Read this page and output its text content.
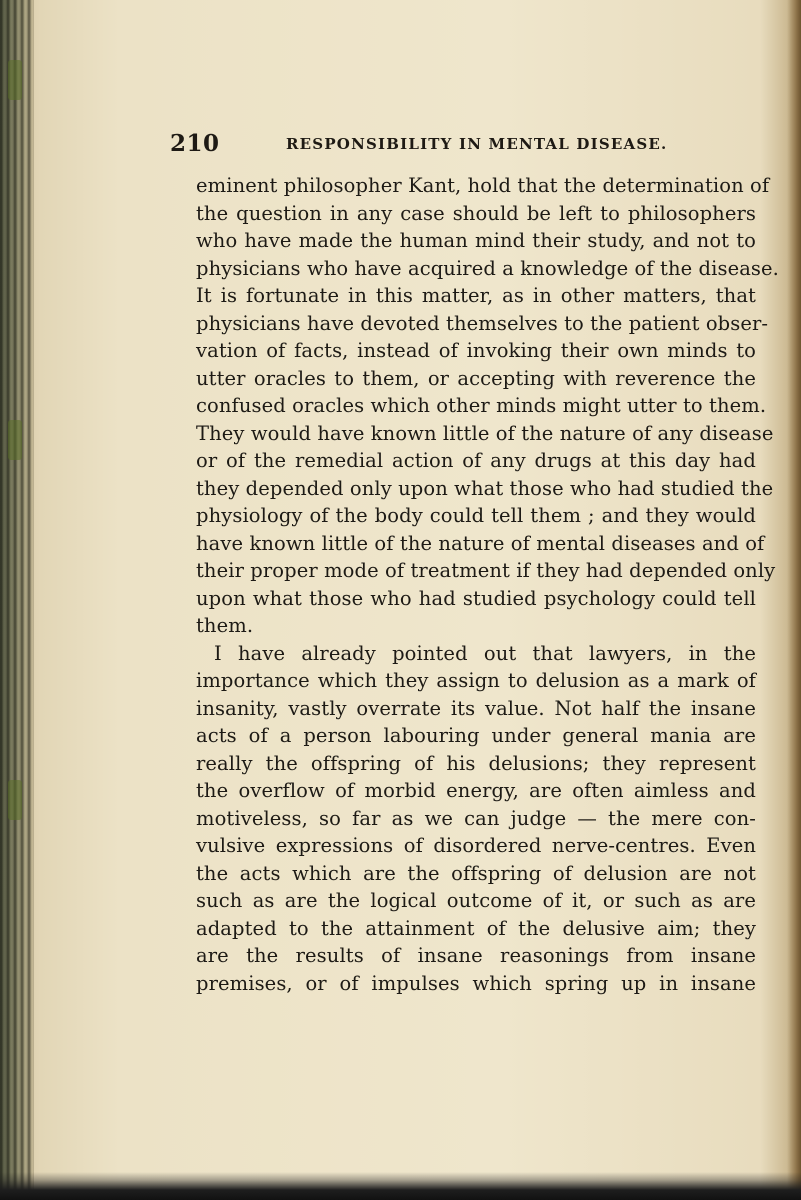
210	RESPONSIBILITY IN MENTAL DISEASE.
eminent philosopher Kant, hold that the determination of
the question in any case should be left to philosophers
who have made the human mind their study, and not to
physicians who have acquired a knowledge of the disease.
It is fortunate in this matter, as in other matters, that
physicians have devoted themselves to the patient obser-
vation of facts, instead of invoking their own minds to
utter oracles to them, or accepting with reverence the
confused oracles which other minds might utter to them.
They would have known little of the nature of any disease
or of the remedial action of any drugs at this day had
they depended only upon what those who had studied the
physiology of the body could tell them ; and they would
have known little of the nature of mental diseases and of
their proper mode of treatment if they had depended only
upon what those who had studied psychology could tell
them.
I have already pointed out that lawyers, in the
importance which they assign to delusion as a mark of
insanity, vastly overrate its value. Not half the insane
acts of a person labouring under general mania are
really the offspring of his delusions; they represent
the overflow of morbid energy, are often aimless and
motiveless, so far as we can judge — the mere con-
vulsive expressions of disordered nerve-centres. Even
the acts which are the offspring of delusion are not
such as are the logical outcome of it, or such as are
adapted to the attainment of the delusive aim; they
are the results of insane reasonings from insane
premises, or of impulses which spring up in insane
